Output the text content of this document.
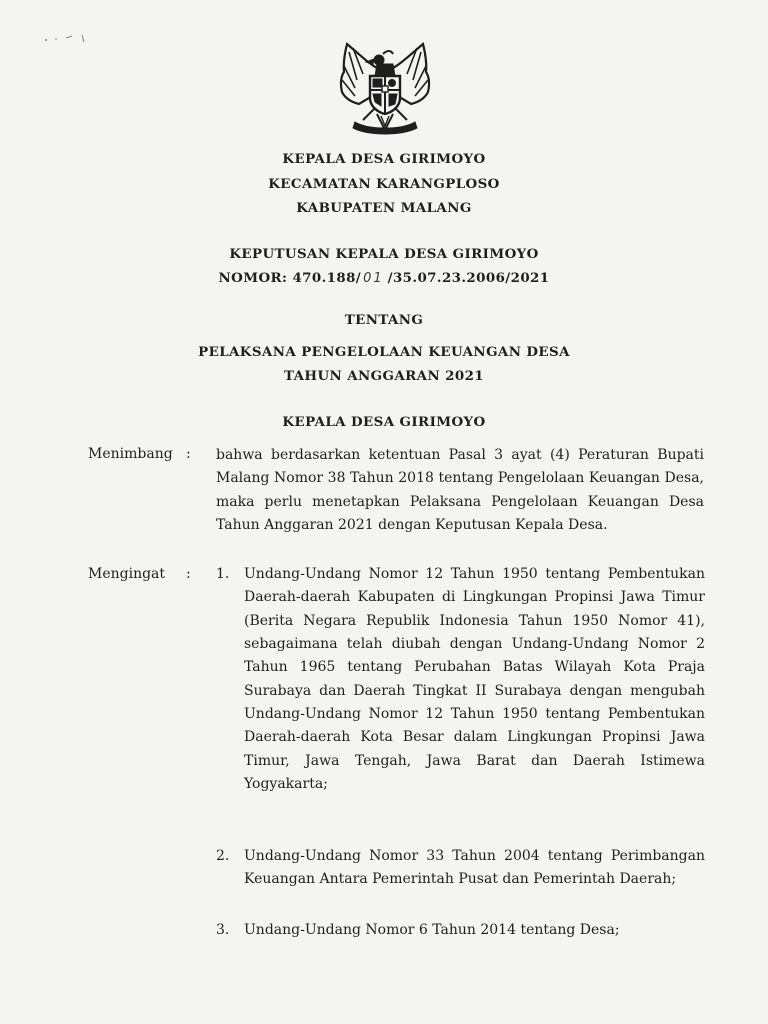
KEPALA DESA GIRIMOYO
KECAMATAN KARANGPLOSO
KABUPATEN MALANG
KEPUTUSAN KEPALA DESA GIRIMOYO
NOMOR: 470.188/ 01 /35.07.23.2006/2021
TENTANG
PELAKSANA PENGELOLAAN KEUANGAN DESA
TAHUN ANGGARAN 2021
KEPALA DESA GIRIMOYO
Menimbang : bahwa berdasarkan ketentuan Pasal 3 ayat (4) Peraturan Bupati Malang Nomor 38 Tahun 2018 tentang Pengelolaan Keuangan Desa, maka perlu menetapkan Pelaksana Pengelolaan Keuangan Desa Tahun Anggaran 2021 dengan Keputusan Kepala Desa.
Mengingat : 1. Undang-Undang Nomor 12 Tahun 1950 tentang Pembentukan Daerah-daerah Kabupaten di Lingkungan Propinsi Jawa Timur (Berita Negara Republik Indonesia Tahun 1950 Nomor 41), sebagaimana telah diubah dengan Undang-Undang Nomor 2 Tahun 1965 tentang Perubahan Batas Wilayah Kota Praja Surabaya dan Daerah Tingkat II Surabaya dengan mengubah Undang-Undang Nomor 12 Tahun 1950 tentang Pembentukan Daerah-daerah Kota Besar dalam Lingkungan Propinsi Jawa Timur, Jawa Tengah, Jawa Barat dan Daerah Istimewa Yogyakarta;
2. Undang-Undang Nomor 33 Tahun 2004 tentang Perimbangan Keuangan Antara Pemerintah Pusat dan Pemerintah Daerah;
3. Undang-Undang Nomor 6 Tahun 2014 tentang Desa;
